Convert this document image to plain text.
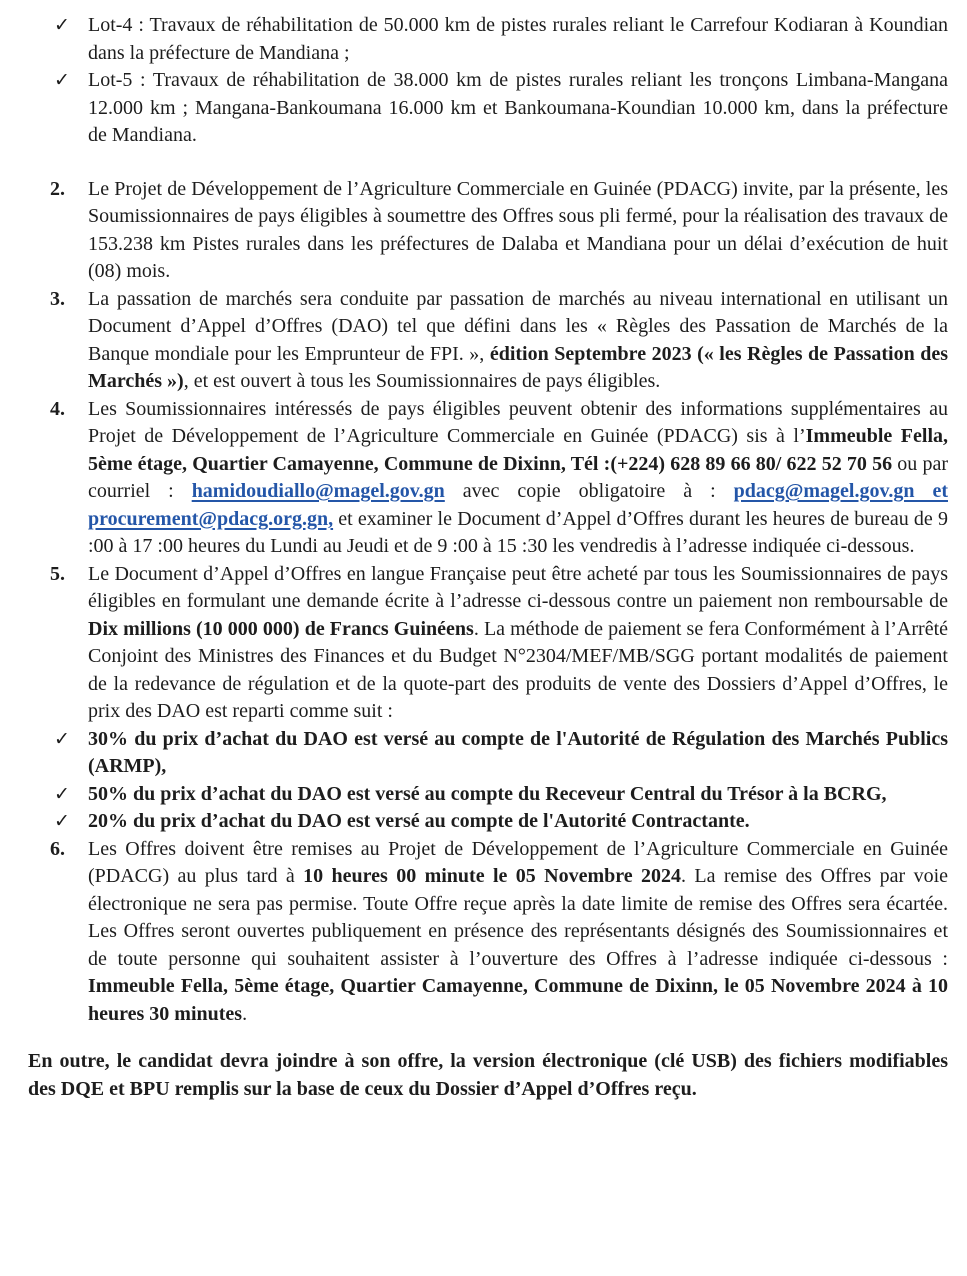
✓ Lot-4 : Travaux de réhabilitation de 50.000 km de pistes rurales reliant le Carrefour Kodiaran à Koundian dans la préfecture de Mandiana ;
✓ Lot-5 : Travaux de réhabilitation de 38.000 km de pistes rurales reliant les tronçons Limbana-Mangana 12.000 km ; Mangana-Bankoumana 16.000 km et Bankoumana-Koundian 10.000 km, dans la préfecture de Mandiana.
2. Le Projet de Développement de l’Agriculture Commerciale en Guinée (PDACG) invite, par la présente, les Soumissionnaires de pays éligibles à soumettre des Offres sous pli fermé, pour la réalisation des travaux de 153.238 km Pistes rurales dans les préfectures de Dalaba et Mandiana pour un délai d’exécution de huit (08) mois.
3. La passation de marchés sera conduite par passation de marchés au niveau international en utilisant un Document d’Appel d’Offres (DAO) tel que défini dans les « Règles des Passation de Marchés de la Banque mondiale pour les Emprunteur de FPI. », édition Septembre 2023 (« les Règles de Passation des Marchés »), et est ouvert à tous les Soumissionnaires de pays éligibles.
4. Les Soumissionnaires intéressés de pays éligibles peuvent obtenir des informations supplémentaires au Projet de Développement de l’Agriculture Commerciale en Guinée (PDACG) sis à l’Immeuble Fella, 5ème étage, Quartier Camayenne, Commune de Dixinn, Tél :(+224) 628 89 66 80/ 622 52 70 56 ou par courriel : hamidoudiallo@magel.gov.gn avec copie obligatoire à : pdacg@magel.gov.gn et procurement@pdacg.org.gn, et examiner le Document d’Appel d’Offres durant les heures de bureau de 9 :00 à 17 :00 heures du Lundi au Jeudi et de 9 :00 à 15 :30 les vendredis à l’adresse indiquée ci-dessous.
5. Le Document d’Appel d’Offres en langue Française peut être acheté par tous les Soumissionnaires de pays éligibles en formulant une demande écrite à l’adresse ci-dessous contre un paiement non remboursable de Dix millions (10 000 000) de Francs Guinéens. La méthode de paiement se fera Conformément à l’Arrêté Conjoint des Ministres des Finances et du Budget N°2304/MEF/MB/SGG portant modalités de paiement de la redevance de régulation et de la quote-part des produits de vente des Dossiers d’Appel d’Offres, le prix des DAO est reparti comme suit :
✓ 30% du prix d’achat du DAO est versé au compte de l'Autorité de Régulation des Marchés Publics (ARMP),
✓ 50% du prix d’achat du DAO est versé au compte du Receveur Central du Trésor à la BCRG,
✓ 20% du prix d’achat du DAO est versé au compte de l'Autorité Contractante.
6. Les Offres doivent être remises au Projet de Développement de l’Agriculture Commerciale en Guinée (PDACG) au plus tard à 10 heures 00 minute le 05 Novembre 2024. La remise des Offres par voie électronique ne sera pas permise. Toute Offre reçue après la date limite de remise des Offres sera écartée. Les Offres seront ouvertes publiquement en présence des représentants désignés des Soumissionnaires et de toute personne qui souhaitent assister à l’ouverture des Offres à l’adresse indiquée ci-dessous : Immeuble Fella, 5ème étage, Quartier Camayenne, Commune de Dixinn, le 05 Novembre 2024 à 10 heures 30 minutes.
En outre, le candidat devra joindre à son offre, la version électronique (clé USB) des fichiers modifiables des DQE et BPU remplis sur la base de ceux du Dossier d’Appel d’Offres reçu.
